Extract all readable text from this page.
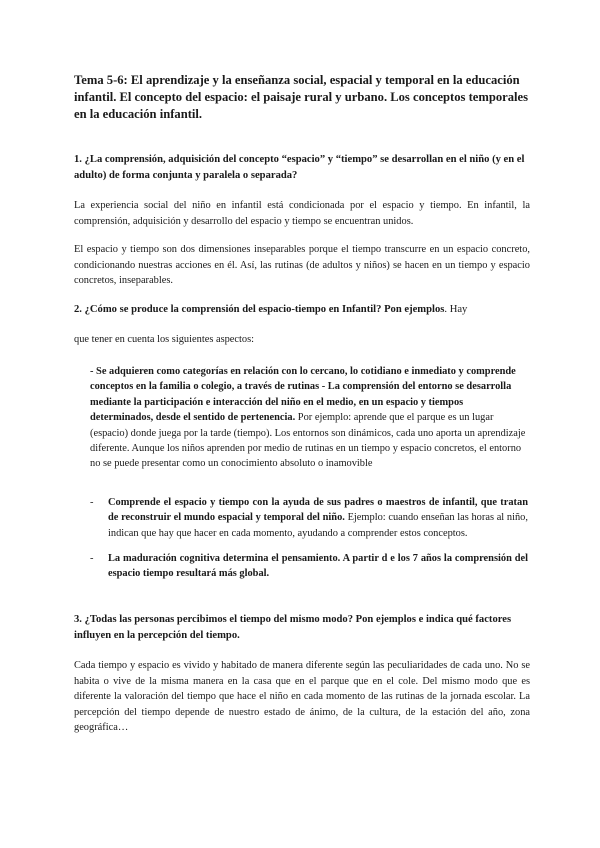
Tema 5-6: El aprendizaje y la enseñanza social, espacial y temporal en la educación infantil. El concepto del espacio: el paisaje rural y urbano. Los conceptos temporales en la educación infantil.

1. ¿La comprensión, adquisición del concepto “espacio” y “tiempo” se desarrollan en el niño (y en el adulto) de forma conjunta y paralela o separada?

La experiencia social del niño en infantil está condicionada por el espacio y tiempo. En infantil, la comprensión, adquisición y desarrollo del espacio y tiempo se encuentran unidos.

El espacio y tiempo son dos dimensiones inseparables porque el tiempo transcurre en un espacio concreto, condicionando nuestras acciones en él. Así, las rutinas (de adultos y niños) se hacen en un tiempo y espacio concretos, inseparables.

2. ¿Cómo se produce la comprensión del espacio-tiempo en Infantil? Pon ejemplos. Hay

que tener en cuenta los siguientes aspectos:

- Se adquieren como categorías en relación con lo cercano, lo cotidiano e inmediato y comprende conceptos en la familia o colegio, a través de rutinas - La comprensión del entorno se desarrolla mediante la participación e interacción del niño en el medio, en un espacio y tiempos determinados, desde el sentido de pertenencia. Por ejemplo: aprende que el parque es un lugar (espacio) donde juega por la tarde (tiempo). Los entornos son dinámicos, cada uno aporta un aprendizaje diferente. Aunque los niños aprenden por medio de rutinas en un tiempo y espacio concretos, el entorno no se puede presentar como un conocimiento absoluto o inamovible

-	Comprende el espacio y tiempo con la ayuda de sus padres o maestros de infantil, que tratan de reconstruir el mundo espacial y temporal del niño. Ejemplo: cuando enseñan las horas al niño, indican que hay que hacer en cada momento, ayudando a comprender estos conceptos.

-	La maduración cognitiva determina el pensamiento. A partir d e los 7 años la comprensión del espacio tiempo resultará más global.

3. ¿Todas las personas percibimos el tiempo del mismo modo? Pon ejemplos e indica qué factores influyen en la percepción del tiempo.

Cada tiempo y espacio es vivido y habitado de manera diferente según las peculiaridades de cada uno. No se habita o vive de la misma manera en la casa que en el parque que en el cole. Del mismo modo que es diferente la valoración del tiempo que hace el niño en cada momento de las rutinas de la jornada escolar. La percepción del tiempo depende de nuestro estado de ánimo, de la cultura, de la estación del año, zona geográfica…
